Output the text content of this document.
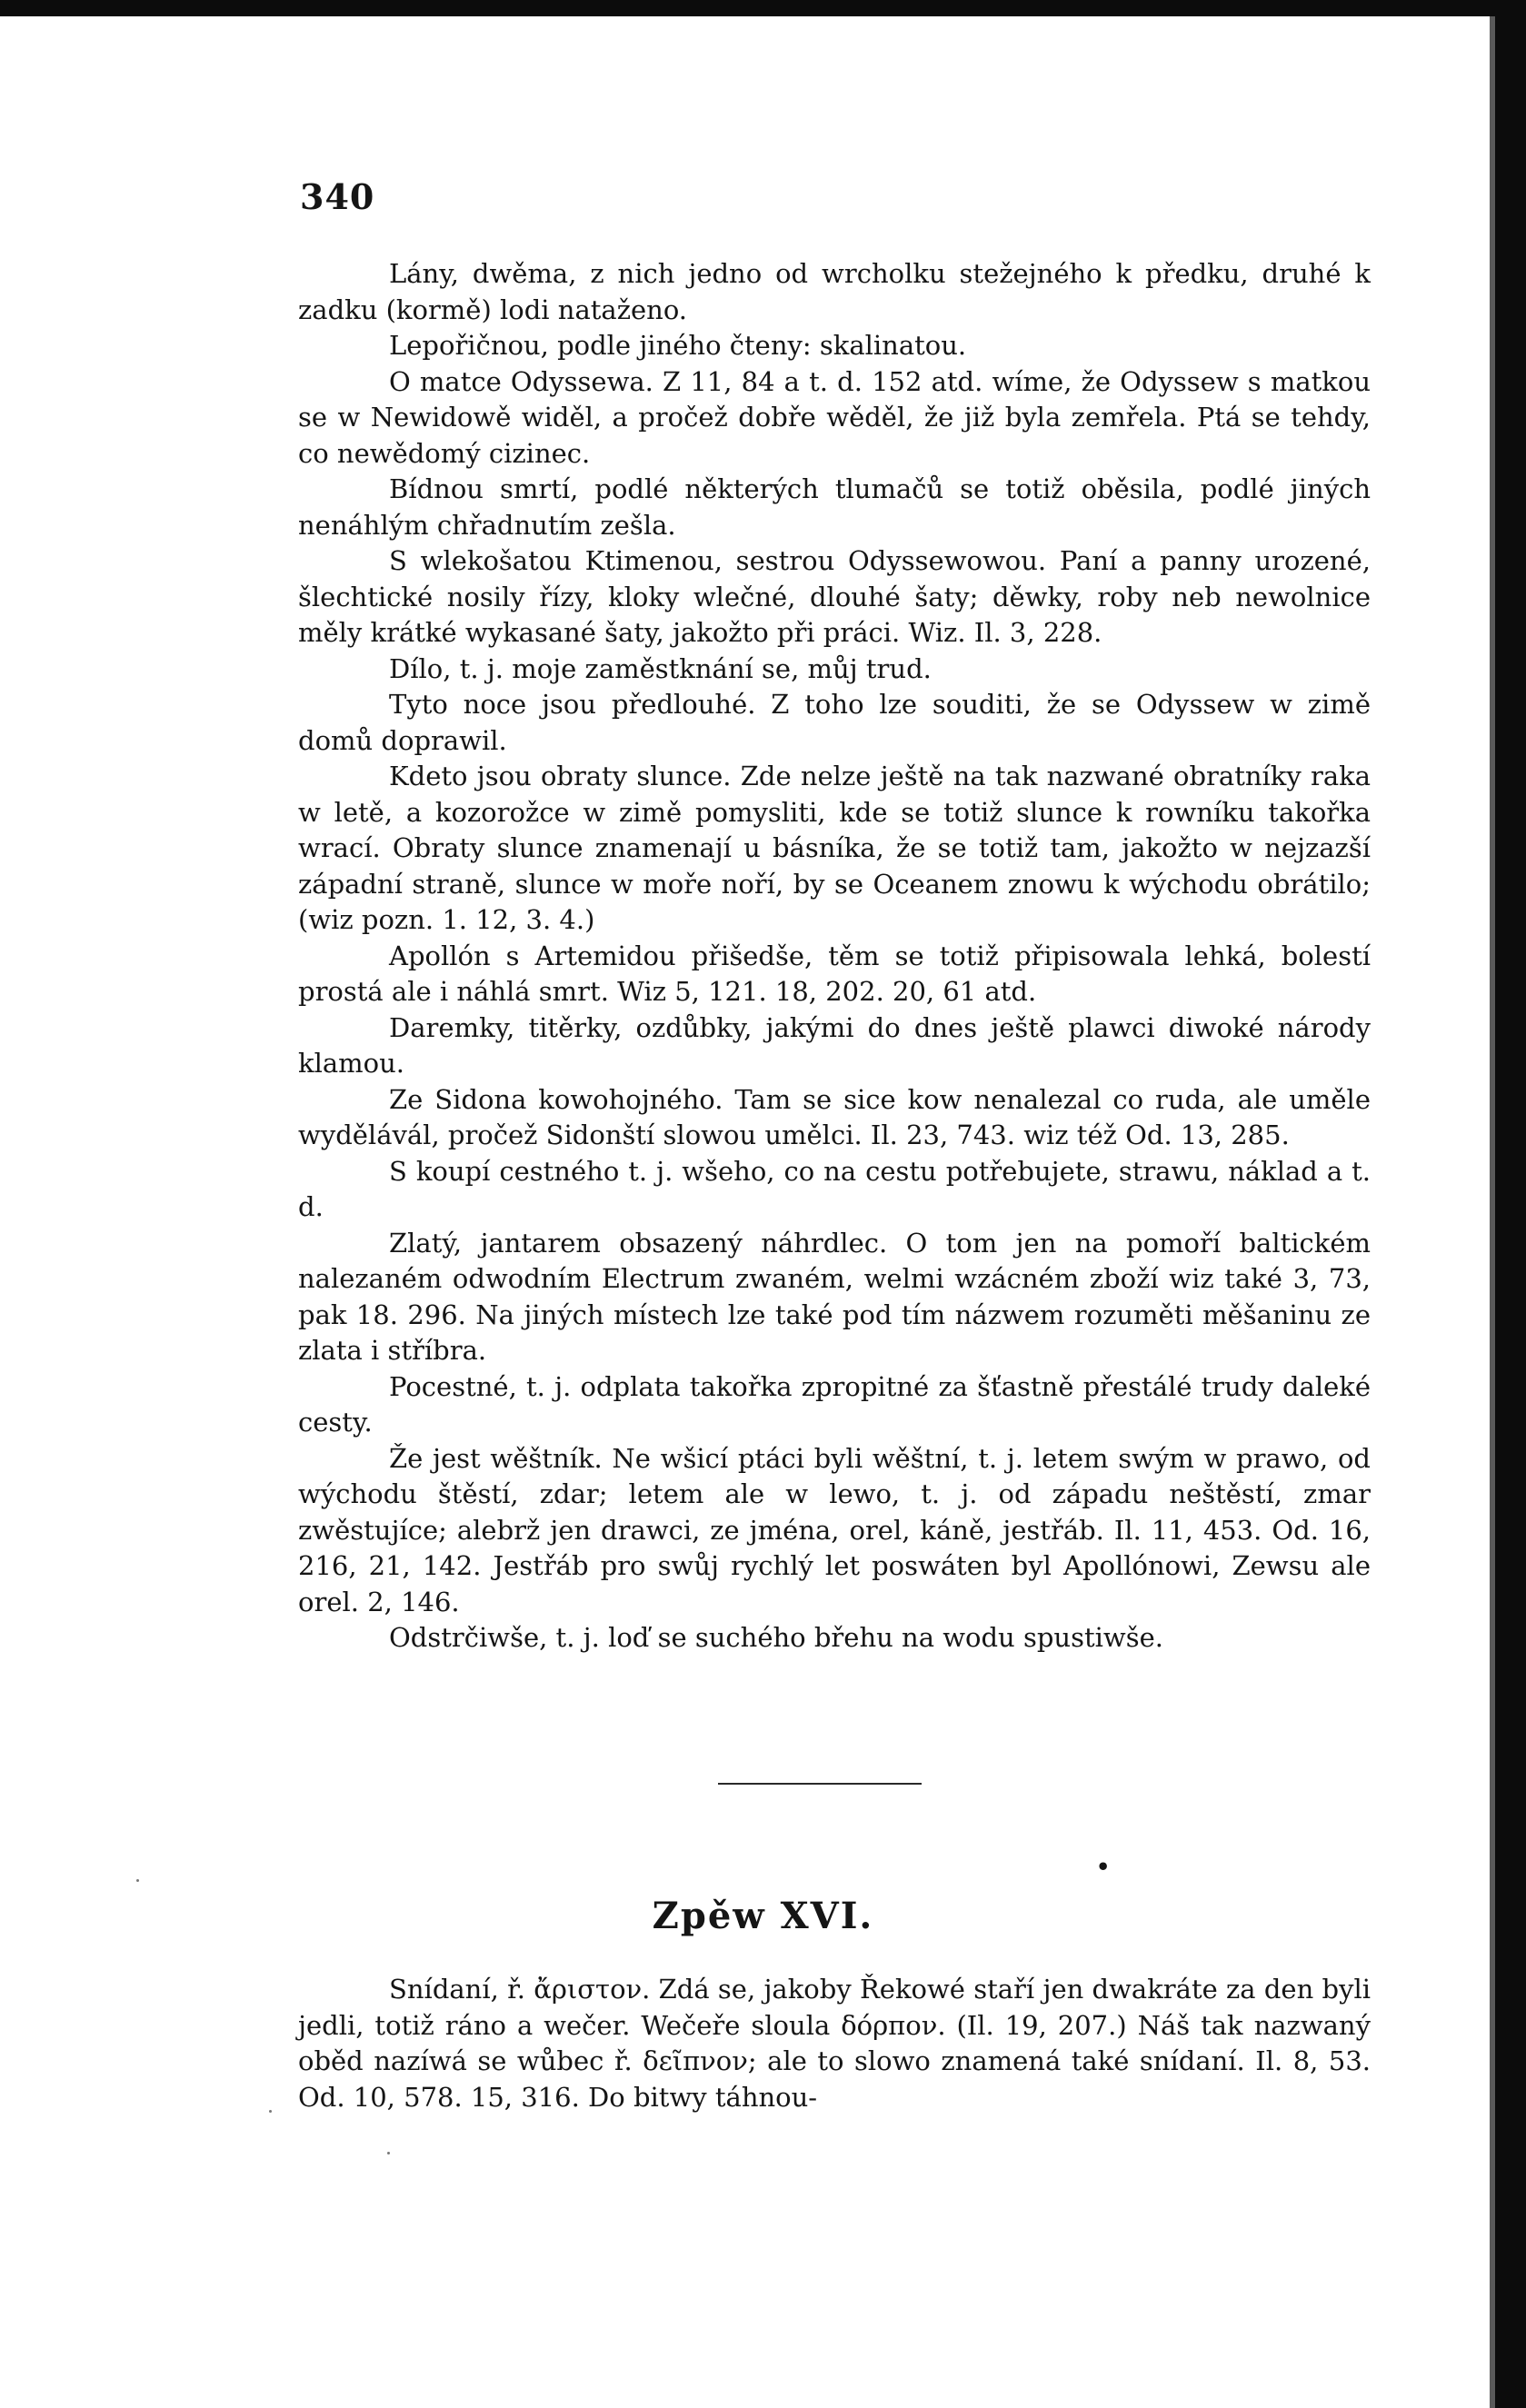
340

Lány, dwěma, z nich jedno od wrcholku stežejného k předku, druhé k zadku (kormě) lodi nataženo.

Lepořičnou, podle jiného čteny: skalinatou.

O matce Odyssewa. Z 11, 84 a t. d. 152 atd. wíme, že Odyssew s matkou se w Newidowě widěl, a pročež dobře wěděl, že již byla zemřela. Ptá se tehdy, co newědomý cizinec.

Bídnou smrtí, podlé některých tlumačů se totiž oběsila, podlé jiných nenáhlým chřadnutím zešla.

S wlekošatou Ktimenou, sestrou Odyssewowou. Paní a panny urozené, šlechtické nosily řízy, kloky wlečné, dlouhé šaty; děwky, roby neb newolnice měly krátké wykasané šaty, jakožto při práci. Wiz. Il. 3, 228.

Dílo, t. j. moje zaměstknání se, můj trud.

Tyto noce jsou předlouhé. Z toho lze souditi, že se Odyssew w zimě domů doprawil.

Kdeto jsou obraty slunce. Zde nelze ještě na tak nazwané obratníky raka w letě, a kozorožce w zimě pomysliti, kde se totiž slunce k rowníku takořka wrací. Obraty slunce znamenají u básníka, že se totiž tam, jakožto w nejzazší západní straně, slunce w moře noří, by se Oceanem znowu k wýchodu obrátilo; (wiz pozn. 1. 12, 3. 4.)

Apollón s Artemidou přišedše, těm se totiž připisowala lehká, bolestí prostá ale i náhlá smrt. Wiz 5, 121. 18, 202. 20, 61 atd.

Daremky, titěrky, ozdůbky, jakými do dnes ještě plawci diwoké národy klamou.

Ze Sidona kowohojného. Tam se sice kow nenalezal co ruda, ale uměle wydělávál, pročež Sidonští slowou umělci. Il. 23, 743. wiz též Od. 13, 285.

S koupí cestného t. j. wšeho, co na cestu potřebujete, strawu, náklad a t. d.

Zlatý, jantarem obsazený náhrdlec. O tom jen na pomoří baltickém nalezaném odwodním Electrum zwaném, welmi wzácném zboží wiz také 3, 73, pak 18. 296. Na jiných místech lze také pod tím názwem rozuměti měšaninu ze zlata i stříbra.

Pocestné, t. j. odplata takořka zpropitné za šťastně přestálé trudy daleké cesty.

Že jest wěštník. Ne wšicí ptáci byli wěštní, t. j. letem swým w prawo, od wýchodu štěstí, zdar; letem ale w lewo, t. j. od západu neštěstí, zmar zwěstujíce; alebrž jen drawci, ze jména, orel, káně, jestřáb. Il. 11, 453. Od. 16, 216, 21, 142. Jestřáb pro swůj rychlý let poswáten byl Apollónowi, Zewsu ale orel. 2, 146.

Odstrčiwše, t. j. loď se suchého břehu na wodu spustiwše.

•
Zpěw XVI.

Snídaní, ř. ἄριστον. Zdá se, jakoby Řekowé staří jen dwakráte za den byli jedli, totiž ráno a wečer. Wečeře sloula δόρπον. (Il. 19, 207.) Náš tak nazwaný oběd nazíwá se wůbec ř. δεῖπνον; ale to slowo znamená také snídaní. Il. 8, 53. Od. 10, 578. 15, 316. Do bitwy táhnou-
